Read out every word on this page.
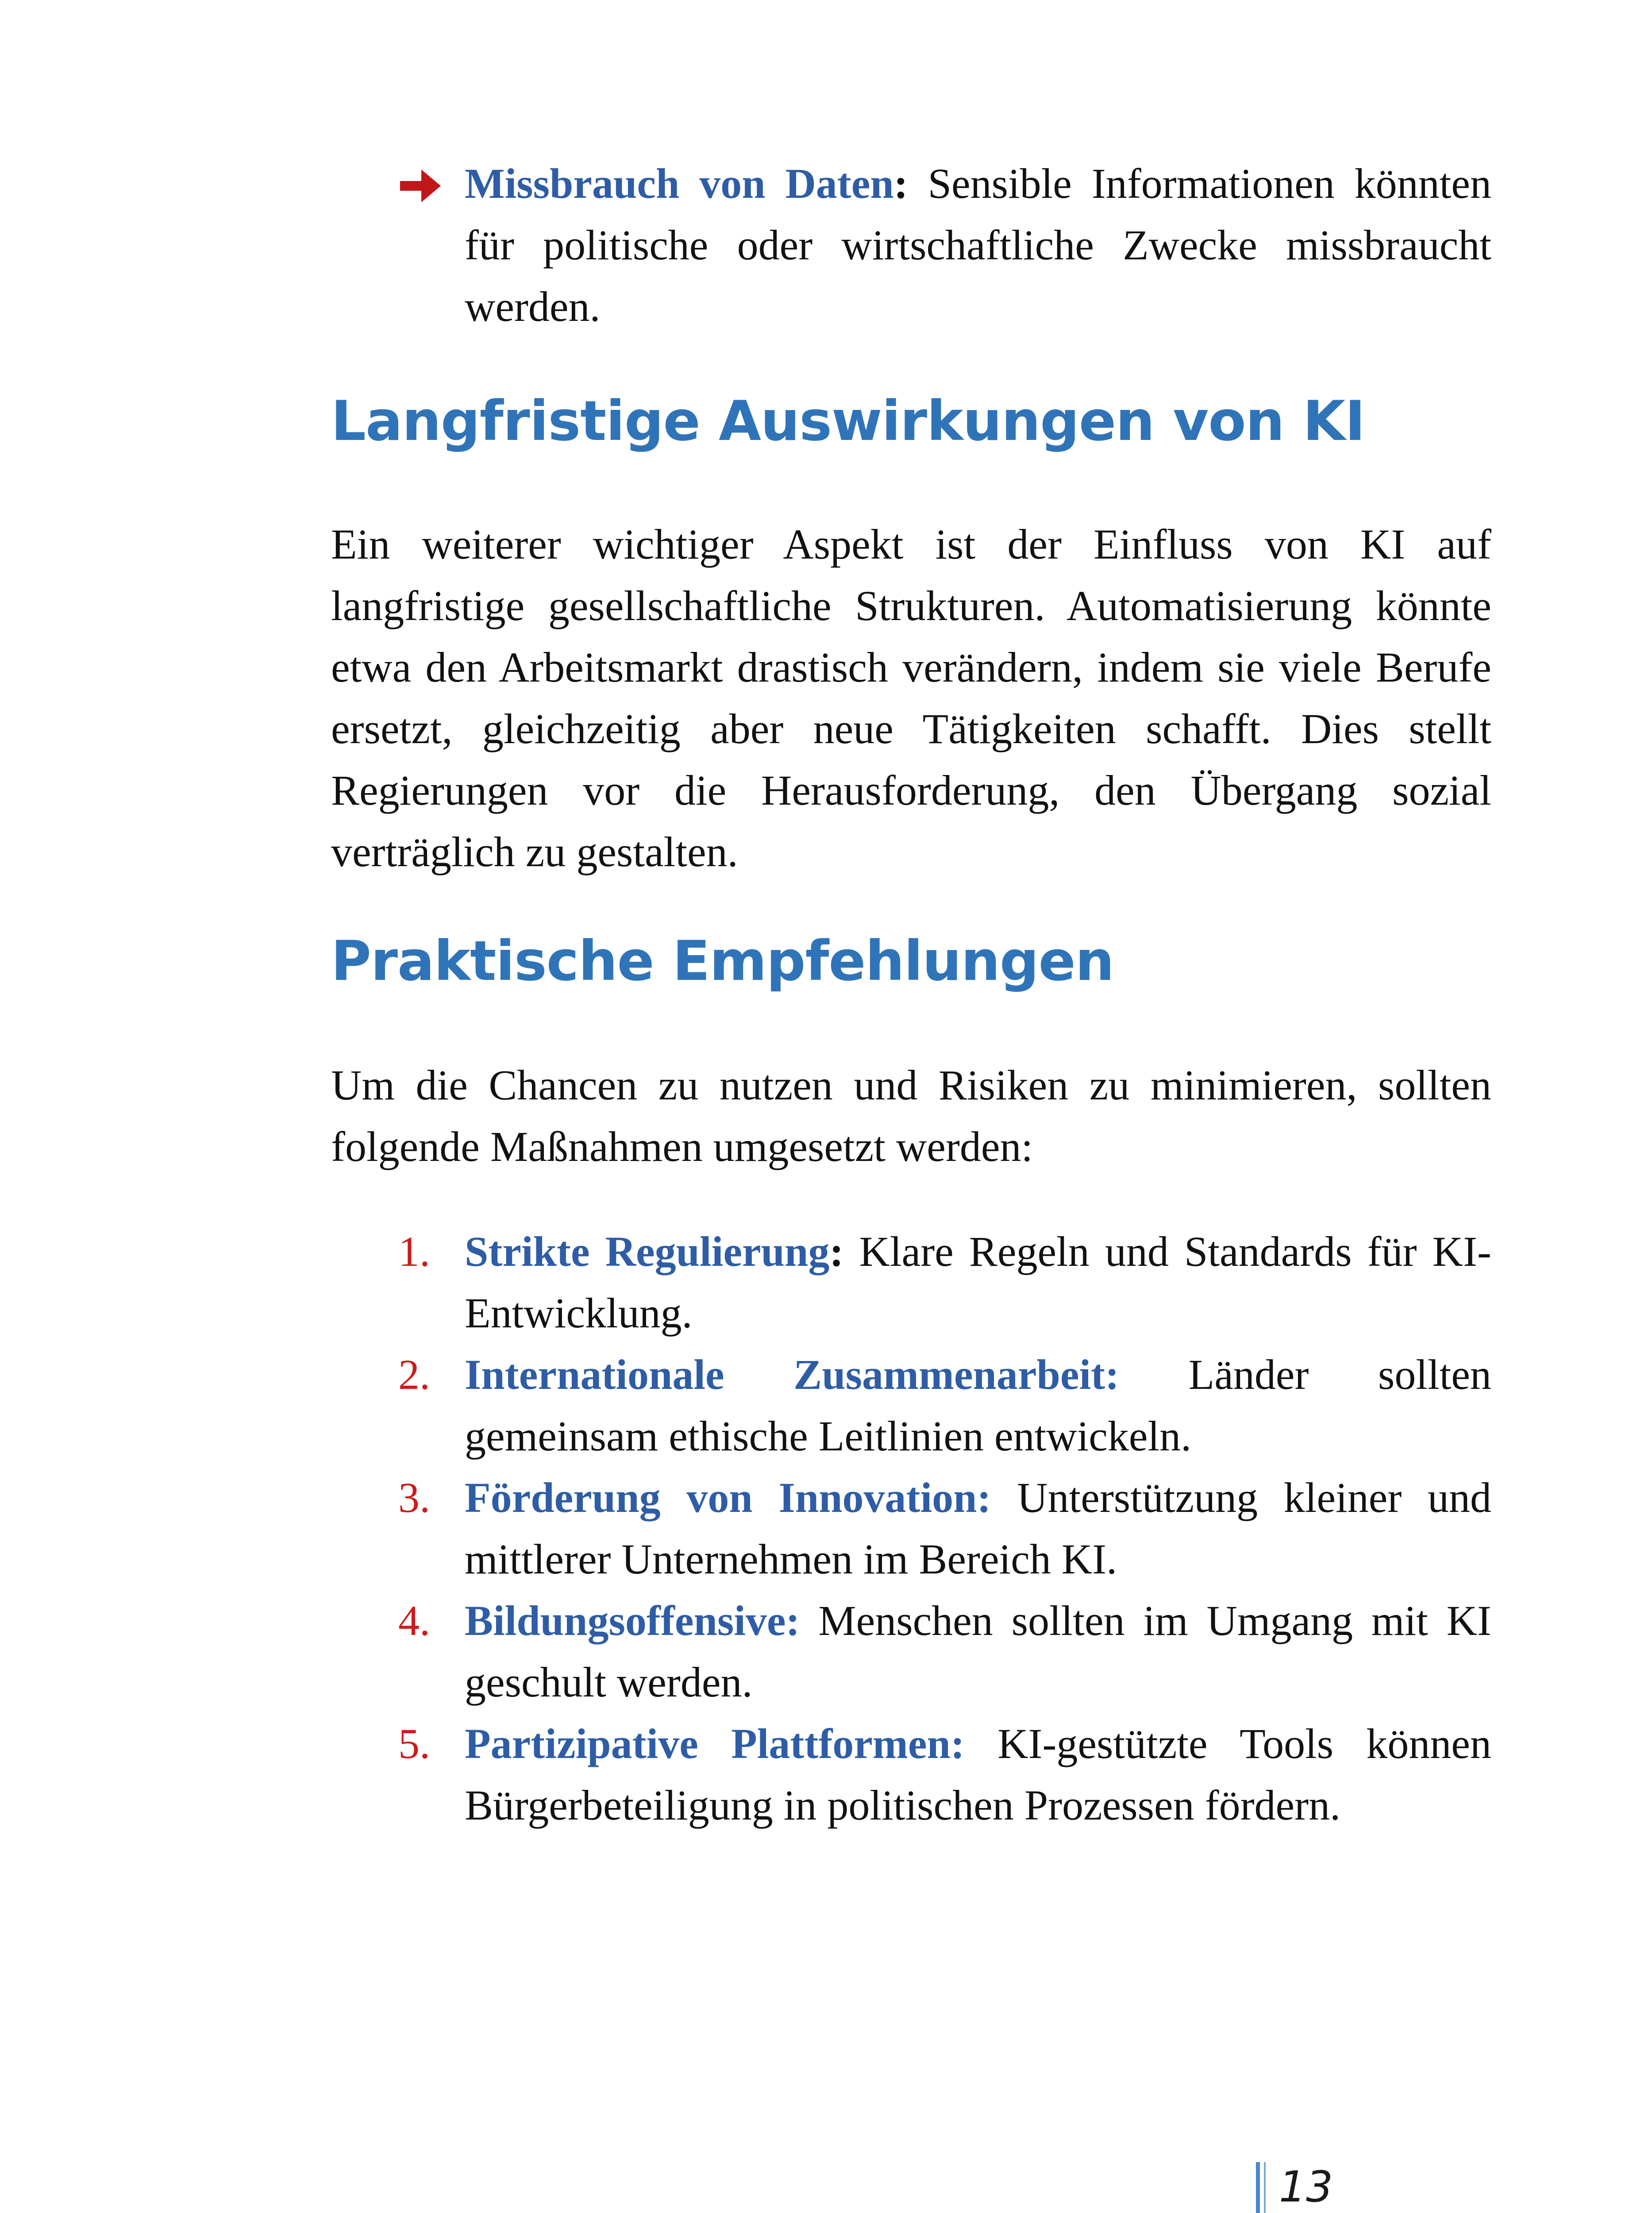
Missbrauch von Daten: Sensible Informationen könnten für politische oder wirtschaftliche Zwecke missbraucht werden.
Langfristige Auswirkungen von KI

Ein weiterer wichtiger Aspekt ist der Einfluss von KI auf langfristige gesellschaftliche Strukturen. Automatisierung könnte etwa den Arbeitsmarkt drastisch verändern, indem sie viele Berufe ersetzt, gleichzeitig aber neue Tätigkeiten schafft. Dies stellt Regierungen vor die Herausforderung, den Übergang sozial verträglich zu gestalten.

Praktische Empfehlungen

Um die Chancen zu nutzen und Risiken zu minimieren, sollten folgende Maßnahmen umgesetzt werden:

1. Strikte Regulierung: Klare Regeln und Standards für KI-Entwicklung.
2. Internationale Zusammenarbeit: Länder sollten gemeinsam ethische Leitlinien entwickeln.
3. Förderung von Innovation: Unterstützung kleiner und mittlerer Unternehmen im Bereich KI.
4. Bildungsoffensive: Menschen sollten im Umgang mit KI geschult werden.
5. Partizipative Plattformen: KI-gestützte Tools können Bürgerbeteiligung in politischen Prozessen fördern.
13
